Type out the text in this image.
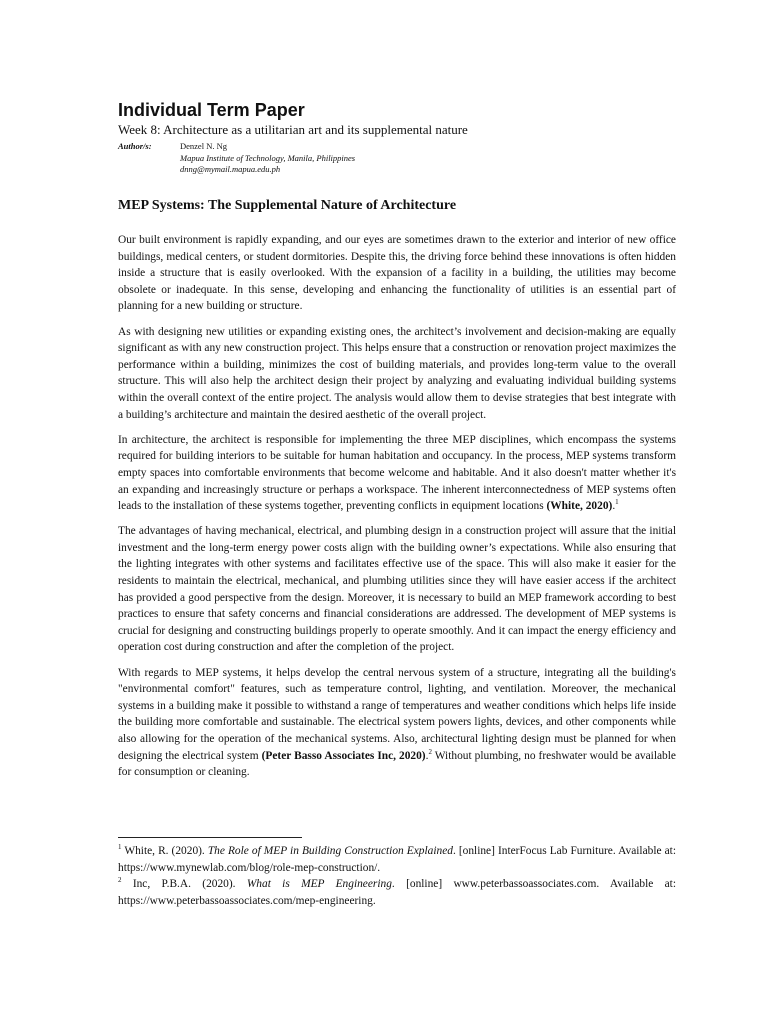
Individual Term Paper
Week 8: Architecture as a utilitarian art and its supplemental nature
Author/s:	Denzel N. Ng
Mapua Institute of Technology, Manila, Philippines
dnng@mymail.mapua.edu.ph
MEP Systems: The Supplemental Nature of Architecture

Our built environment is rapidly expanding, and our eyes are sometimes drawn to the exterior and interior of new office buildings, medical centers, or student dormitories. Despite this, the driving force behind these innovations is often hidden inside a structure that is easily overlooked. With the expansion of a facility in a building, the utilities may become obsolete or inadequate. In this sense, developing and enhancing the functionality of utilities is an essential part of planning for a new building or structure.

As with designing new utilities or expanding existing ones, the architect’s involvement and decision-making are equally significant as with any new construction project. This helps ensure that a construction or renovation project maximizes the performance within a building, minimizes the cost of building materials, and provides long-term value to the overall structure. This will also help the architect design their project by analyzing and evaluating individual building systems within the overall context of the entire project. The analysis would allow them to devise strategies that best integrate with a building’s architecture and maintain the desired aesthetic of the overall project.

In architecture, the architect is responsible for implementing the three MEP disciplines, which encompass the systems required for building interiors to be suitable for human habitation and occupancy. In the process, MEP systems transform empty spaces into comfortable environments that become welcome and habitable. And it also doesn't matter whether it's an expanding and increasingly structure or perhaps a workspace. The inherent interconnectedness of MEP systems often leads to the installation of these systems together, preventing conflicts in equipment locations (White, 2020).$^1$

The advantages of having mechanical, electrical, and plumbing design in a construction project will assure that the initial investment and the long-term energy power costs align with the building owner’s expectations. While also ensuring that the lighting integrates with other systems and facilitates effective use of the space. This will also make it easier for the residents to maintain the electrical, mechanical, and plumbing utilities since they will have easier access if the architect has provided a good perspective from the design. Moreover, it is necessary to build an MEP framework according to best practices to ensure that safety concerns and financial considerations are addressed. The development of MEP systems is crucial for designing and constructing buildings properly to operate smoothly. And it can impact the energy efficiency and operation cost during construction and after the completion of the project.

With regards to MEP systems, it helps develop the central nervous system of a structure, integrating all the building's "environmental comfort" features, such as temperature control, lighting, and ventilation. Moreover, the mechanical systems in a building make it possible to withstand a range of temperatures and weather conditions which helps life inside the building more comfortable and sustainable. The electrical system powers lights, devices, and other components while also allowing for the operation of the mechanical systems. Also, architectural lighting design must be planned for when designing the electrical system (Peter Basso Associates Inc, 2020).$^2$ Without plumbing, no freshwater would be available for consumption or cleaning.

$^1$ White, R. (2020). The Role of MEP in Building Construction Explained. [online] InterFocus Lab Furniture. Available at: https://www.mynewlab.com/blog/role-mep-construction/.

$^2$ Inc, P.B.A. (2020). What is MEP Engineering. [online] www.peterbassoassociates.com. Available at: https://www.peterbassoassociates.com/mep-engineering.
